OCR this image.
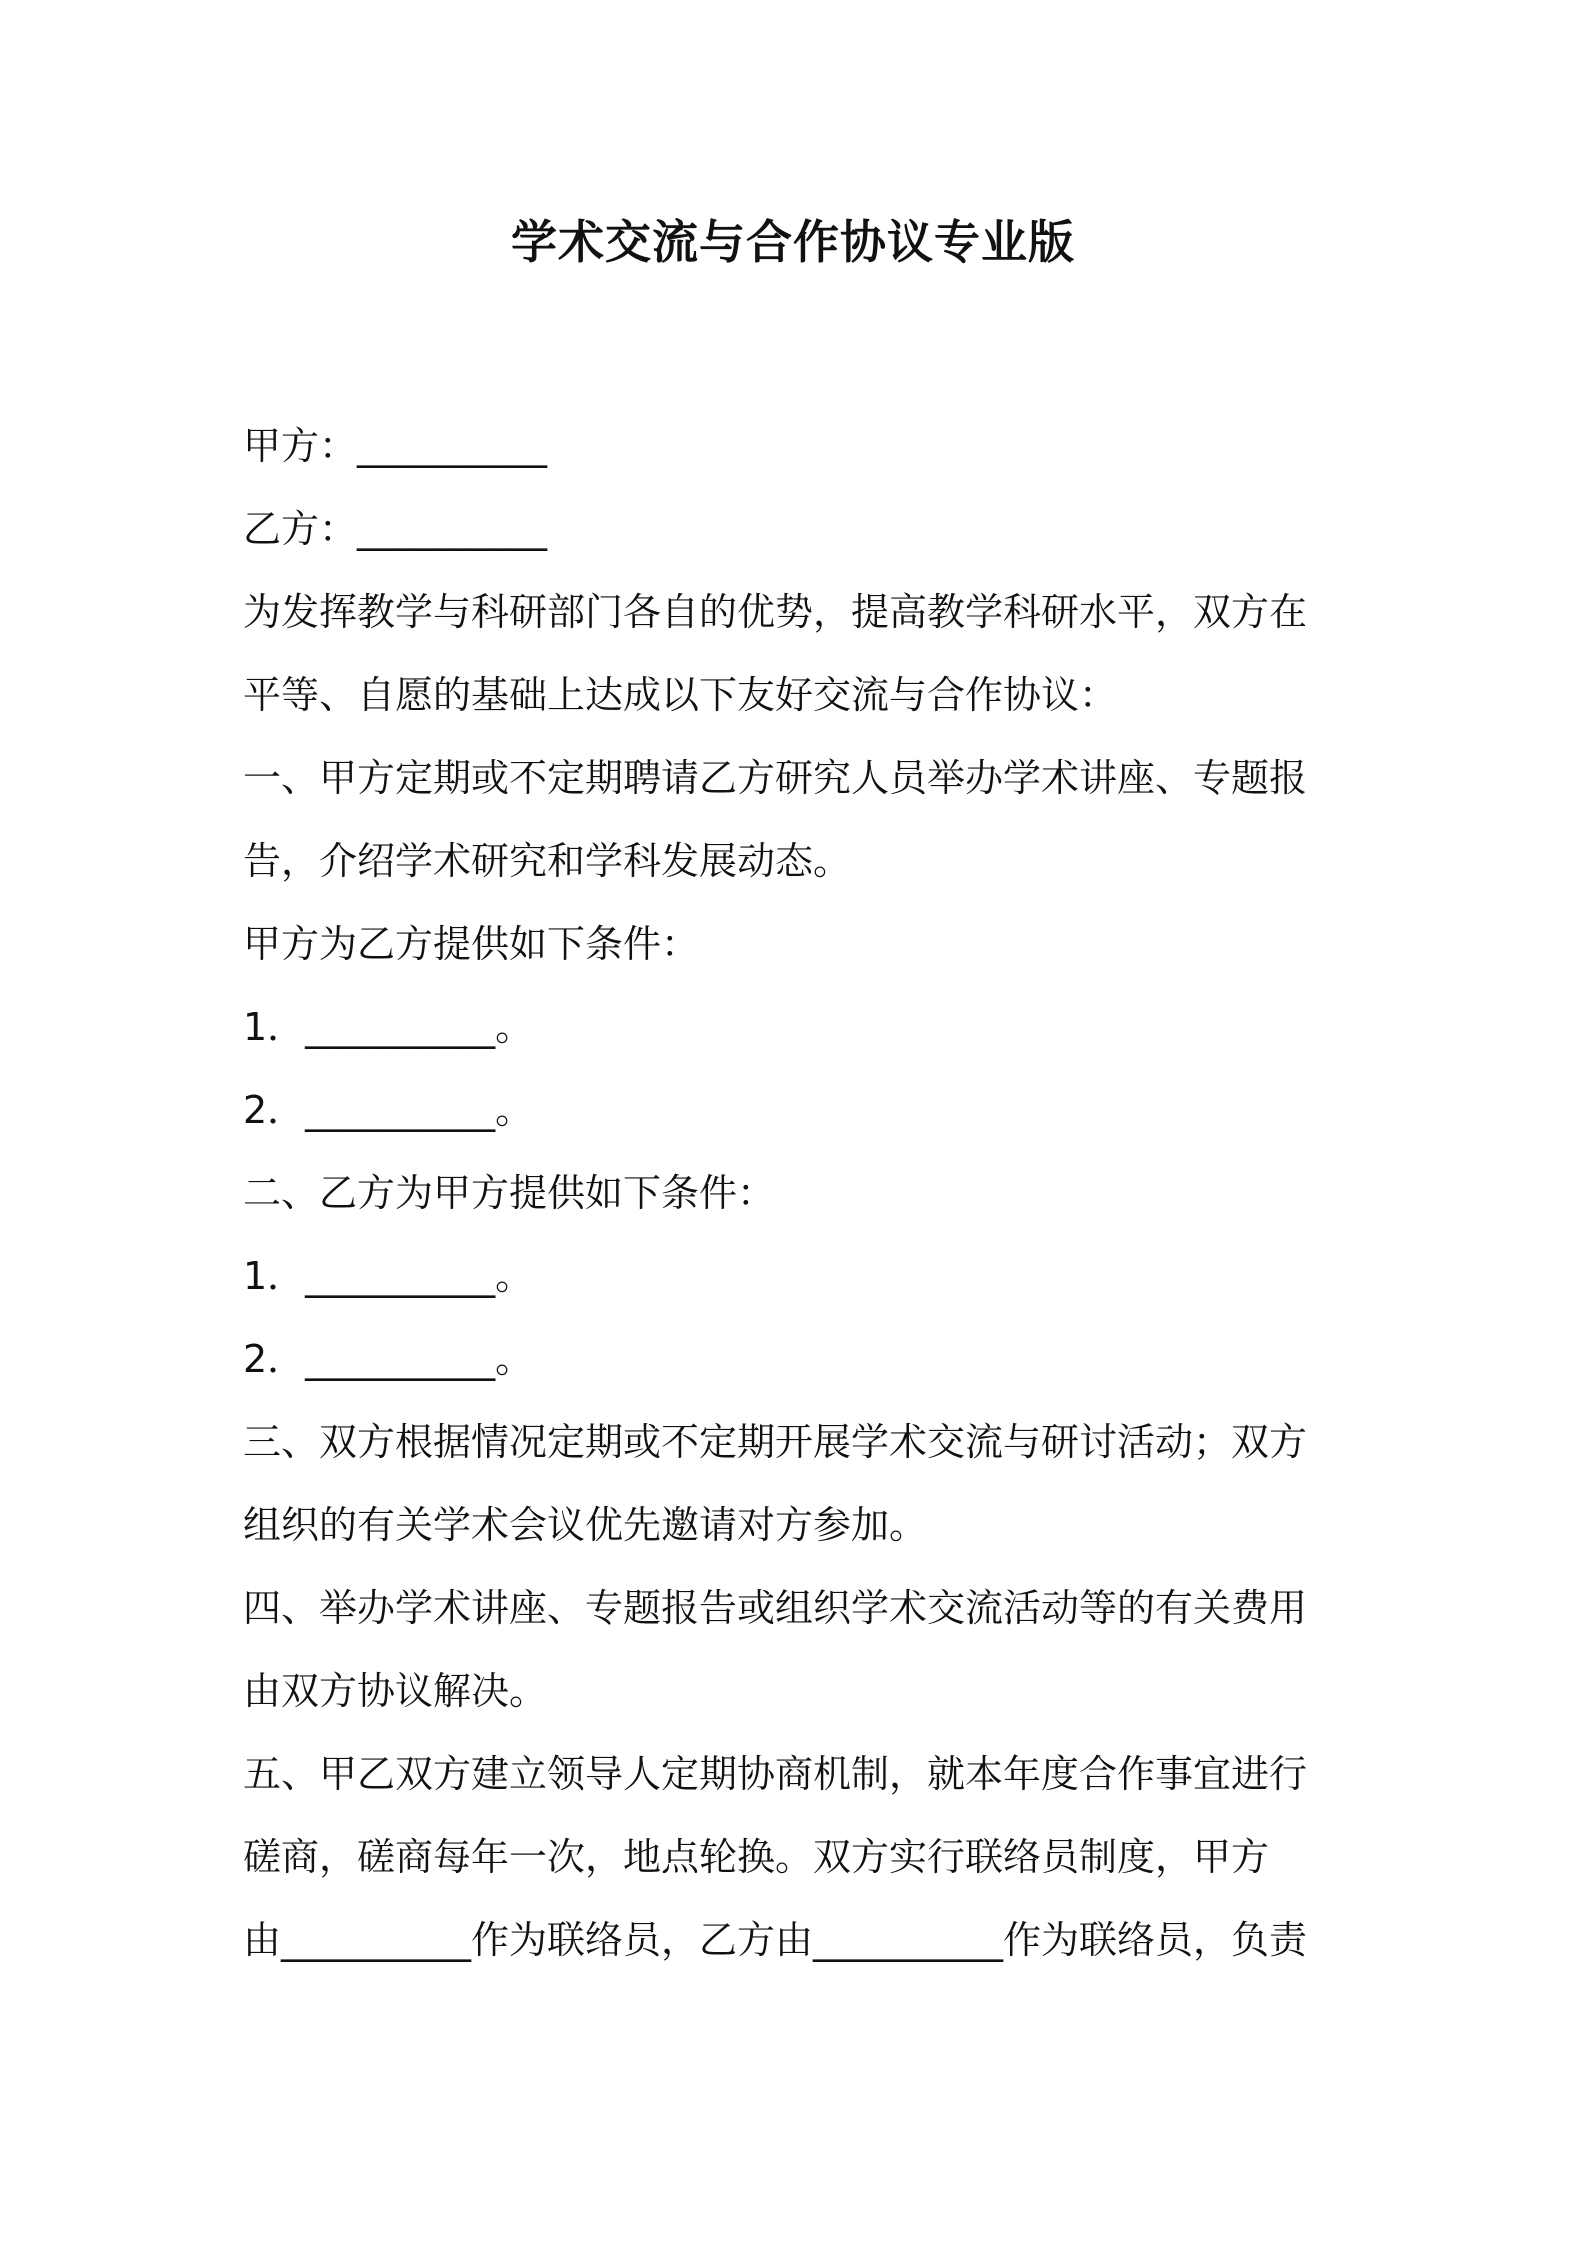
学术交流与合作协议专业版
甲方：__________
乙方：__________
为发挥教学与科研部门各自的优势，提高教学科研水平，双方在
平等、自愿的基础上达成以下友好交流与合作协议：
一、甲方定期或不定期聘请乙方研究人员举办学术讲座、专题报
告，介绍学术研究和学科发展动态。
甲方为乙方提供如下条件：
1．__________。
2．__________。
二、乙方为甲方提供如下条件：
1．__________。
2．__________。
三、双方根据情况定期或不定期开展学术交流与研讨活动；双方
组织的有关学术会议优先邀请对方参加。
四、举办学术讲座、专题报告或组织学术交流活动等的有关费用
由双方协议解决。
五、甲乙双方建立领导人定期协商机制，就本年度合作事宜进行
磋商，磋商每年一次，地点轮换。双方实行联络员制度，甲方
由__________作为联络员，乙方由__________作为联络员，负责
